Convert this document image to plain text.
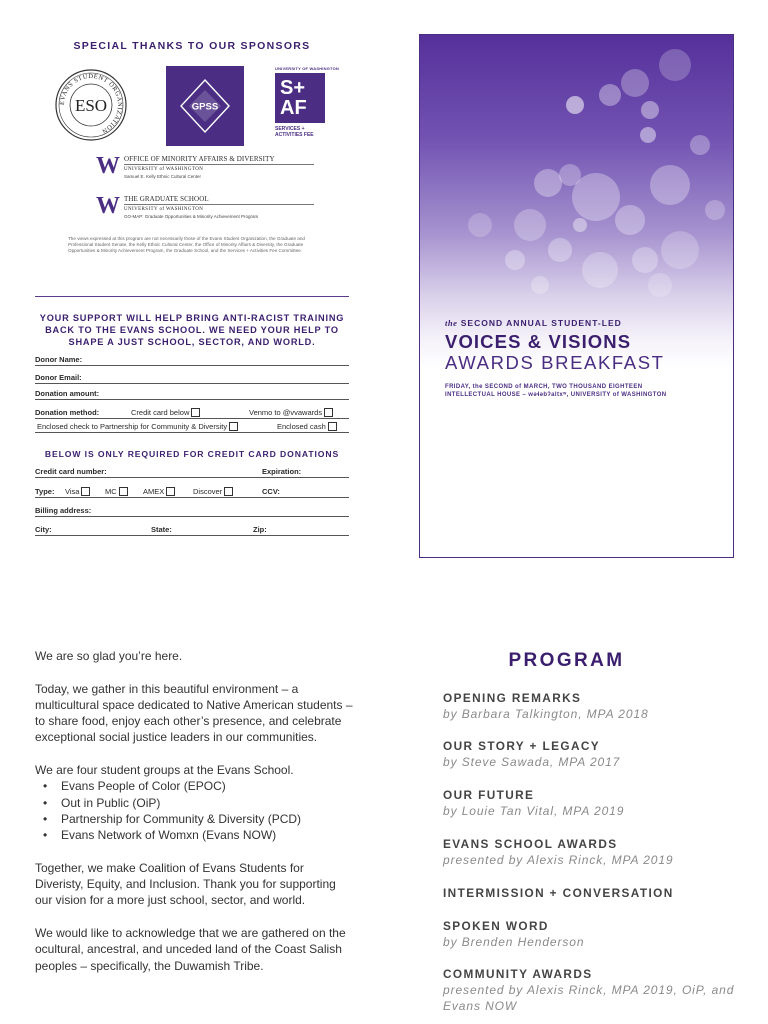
SPECIAL THANKS TO OUR SPONSORS
EVANS STUDENT ORGANIZATION
ESO	GPSS
UNIVERSITY OF WASHINGTON
S+
AF
SERVICES + ACTIVITIES FEE
W OFFICE OF MINORITY AFFAIRS & DIVERSITY
UNIVERSITY of WASHINGTON
Samuel E. Kelly Ethnic Cultural Center
W THE GRADUATE SCHOOL
UNIVERSITY of WASHINGTON
GO-MAP: Graduate Opportunities & Minority Achievement Program

The views expressed at this program are not necessarily those of the Evans Student Organization, the Graduate and Professional Student Senate, the Kelly Ethnic Cultural Center, the Office of Minority Affairs & Diversity, the Graduate Opportunities & Minority Achievement Program, the Graduate School, and the Services + Activities Fee Committee.

YOUR SUPPORT WILL HELP BRING ANTI-RACIST TRAINING BACK TO THE EVANS SCHOOL. WE NEED YOUR HELP TO SHAPE A JUST SCHOOL, SECTOR, AND WORLD.
Donor Name:
Donor Email:
Donation amount:
Donation method:	Credit card below	Venmo to @vvawards
Enclosed check to Partnership for Community & Diversity	Enclosed cash
BELOW IS ONLY REQUIRED FOR CREDIT CARD DONATIONS
Credit card number:	Expiration:
Type: Visa	MC	AMEX	Discover	CCV:
Billing address:
City:	State:	Zip:
the SECOND ANNUAL STUDENT-LED
VOICES & VISIONS
AWARDS BREAKFAST
FRIDAY, the SECOND of MARCH, TWO THOUSAND EIGHTEEN
INTELLECTUAL HOUSE – wəɬəbʔaltxʷ, UNIVERSITY of WASHINGTON

We are so glad you’re here.

Today, we gather in this beautiful environment – a multicultural space dedicated to Native American students – to share food, enjoy each other’s presence, and celebrate exceptional social justice leaders in our communities.

We are four student groups at the Evans School.
• Evans People of Color (EPOC)
• Out in Public (OiP)
• Partnership for Community & Diversity (PCD)
• Evans Network of Womxn (Evans NOW)

Together, we make Coalition of Evans Students for Diveristy, Equity, and Inclusion. Thank you for supporting our vision for a more just school, sector, and world.

We would like to acknowledge that we are gathered on the ocultural, ancestral, and unceded land of the Coast Salish peoples – specifically, the Duwamish Tribe.

PROGRAM
OPENING REMARKS
by Barbara Talkington, MPA 2018
OUR STORY + LEGACY
by Steve Sawada, MPA 2017
OUR FUTURE
by Louie Tan Vital, MPA 2019
EVANS SCHOOL AWARDS
presented by Alexis Rinck, MPA 2019
INTERMISSION + CONVERSATION
SPOKEN WORD
by Brenden Henderson
COMMUNITY AWARDS
presented by Alexis Rinck, MPA 2019, OiP, and Evans NOW
